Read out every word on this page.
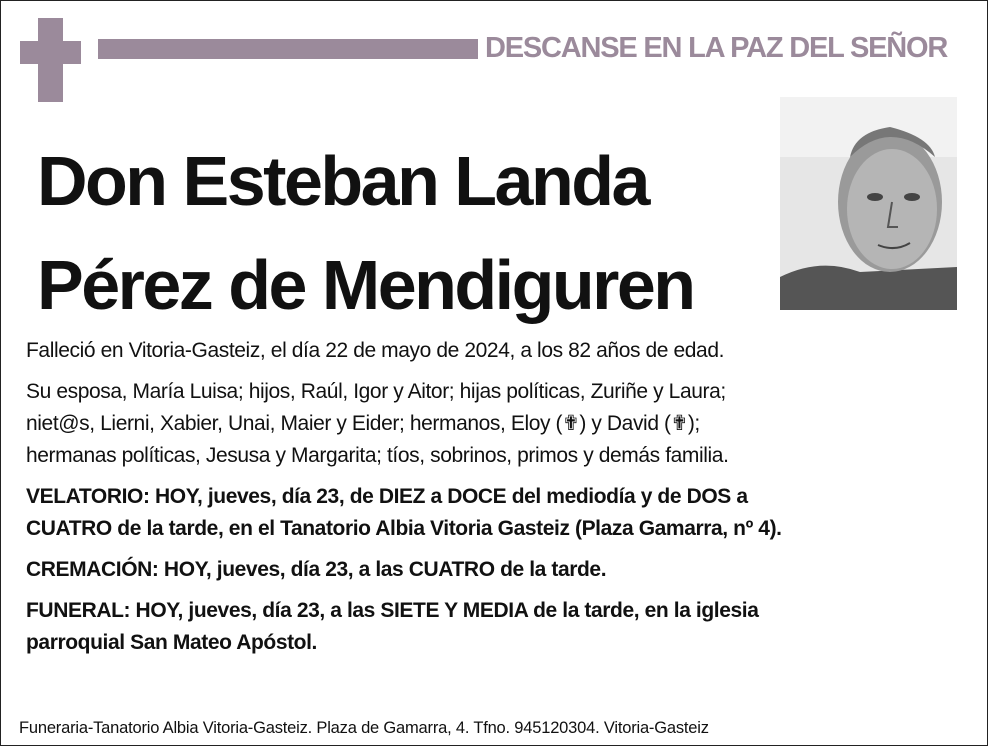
DESCANSE EN LA PAZ DEL SEÑOR
Don Esteban Landa
Pérez de Mendiguren

Falleció en Vitoria-Gasteiz, el día 22 de mayo de 2024, a los 82 años de edad.

Su esposa, María Luisa; hijos, Raúl, Igor y Aitor; hijas políticas, Zuriñe y Laura;
niet@s, Lierni, Xabier, Unai, Maier y Eider; hermanos, Eloy (✟) y David (✟);
hermanas políticas, Jesusa y Margarita; tíos, sobrinos, primos y demás familia.

VELATORIO: HOY, jueves, día 23, de DIEZ a DOCE del mediodía y de DOS a
CUATRO de la tarde, en el Tanatorio Albia Vitoria Gasteiz (Plaza Gamarra, nº 4).

CREMACIÓN: HOY, jueves, día 23, a las CUATRO de la tarde.

FUNERAL: HOY, jueves, día 23, a las SIETE Y MEDIA de la tarde, en la iglesia
parroquial San Mateo Apóstol.

Funeraria-Tanatorio Albia Vitoria-Gasteiz. Plaza de Gamarra, 4. Tfno. 945120304. Vitoria-Gasteiz
